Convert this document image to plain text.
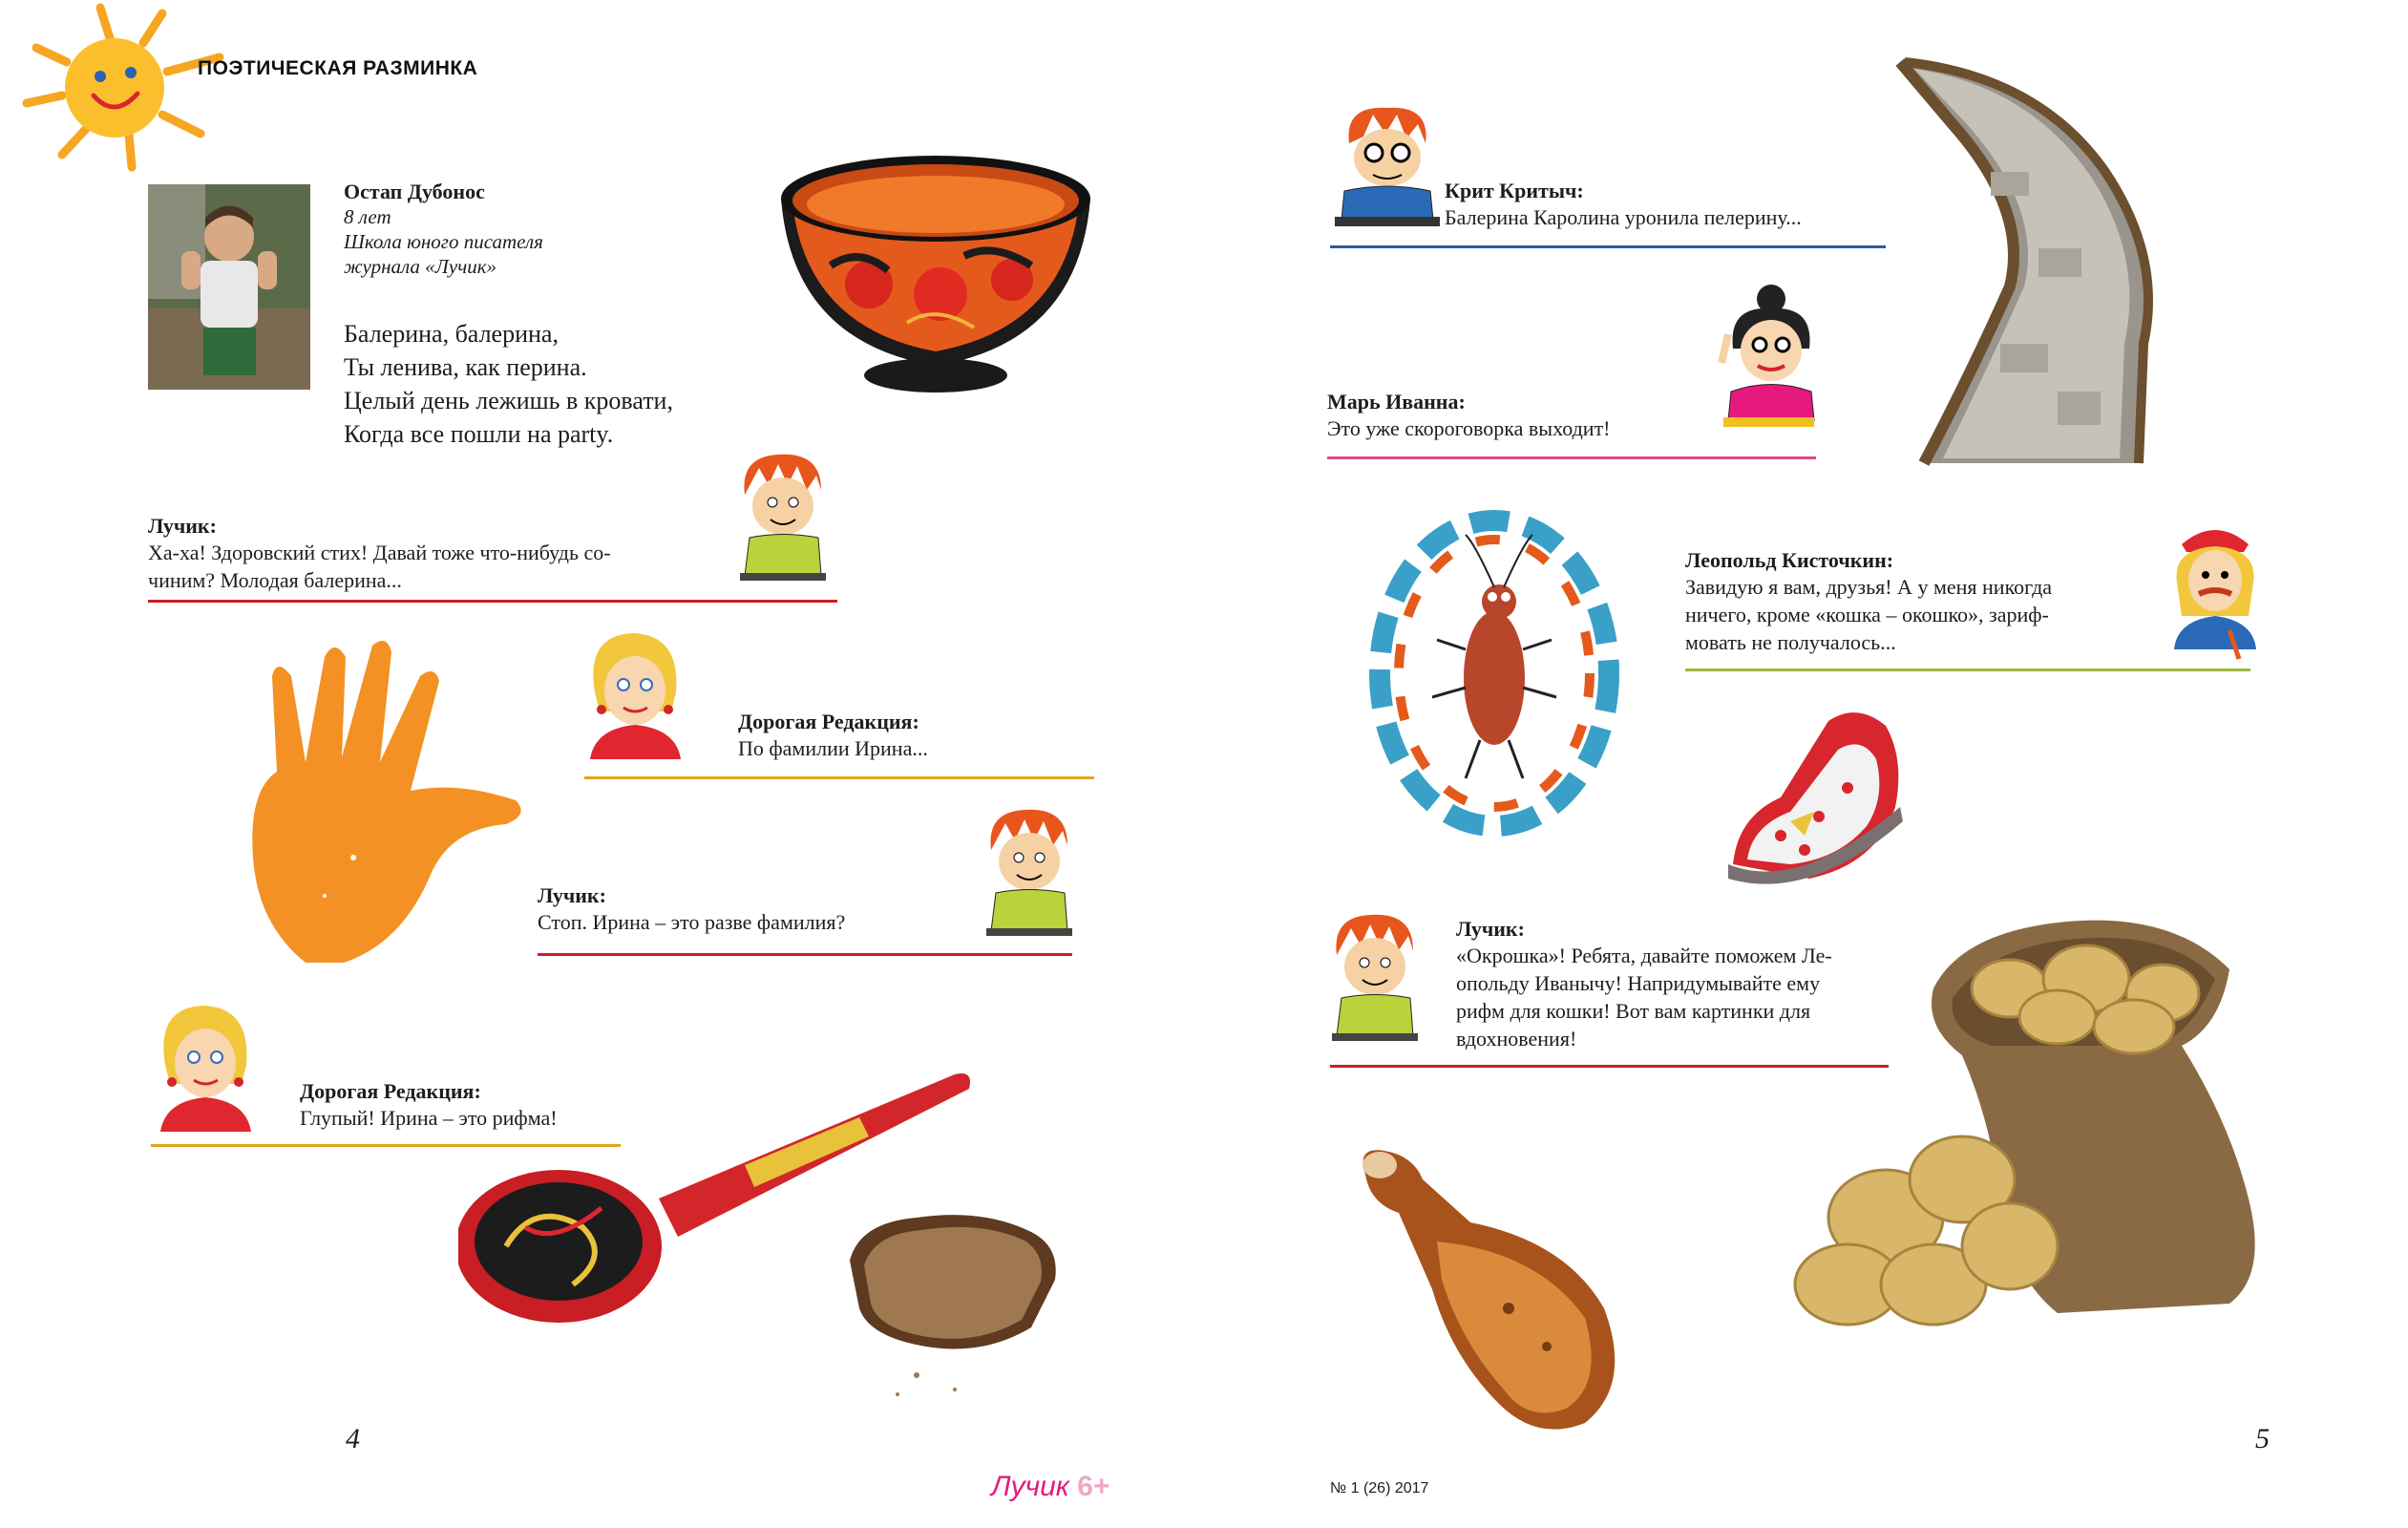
ПОЭТИЧЕСКАЯ РАЗМИНКА
Остап Дубонос
8 лет
Школа юного писателя
журнала «Лучик»
Балерина, балерина,
Ты ленива, как перина.
Целый день лежишь в кровати,
Когда все пошли на party.
Лучик:
Ха-ха! Здоровский стих! Давай тоже что-нибудь со-
чиним? Молодая балерина...
Дорогая Редакция:
По фамилии Ирина...
Лучик:
Стоп. Ирина – это разве фамилия?
Дорогая Редакция:
Глупый! Ирина – это рифма!
4
Лучик 6+	№ 1 (26) 2017
Крит Критыч:
Балерина Каролина уронила пелерину...
Марь Иванна:
Это уже скороговорка выходит!
Леопольд Кисточкин:
Завидую я вам, друзья! А у меня никогда
ничего, кроме «кошка – окошко», зариф-
мовать не получалось...
Лучик:
«Окрошка»! Ребята, давайте поможем Ле-
опольду Иванычу! Напридумывайте ему
рифм для кошки! Вот вам картинки для
вдохновения!
5
